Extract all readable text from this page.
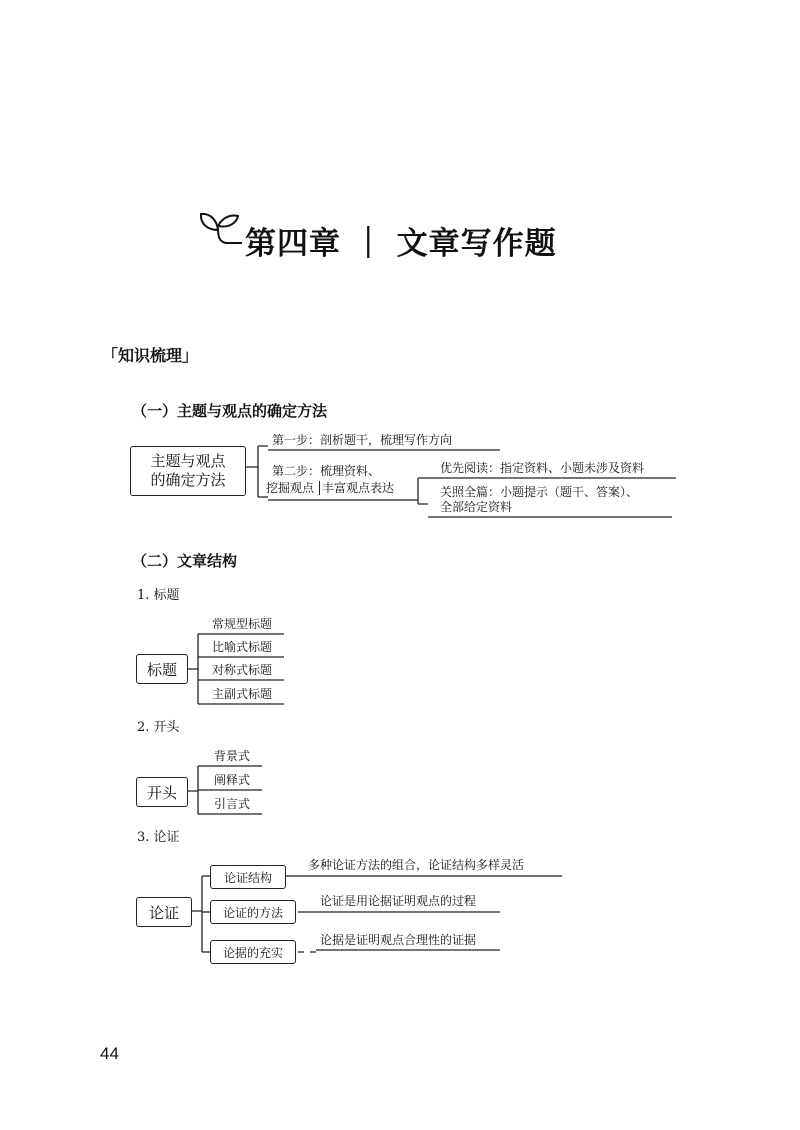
第四章 ｜ 文章写作题
「知识梳理」
（一）主题与观点的确定方法
主题与观点
的确定方法
第一步：剖析题干，梳理写作方向
第二步：梳理资料、
挖掘观点 丰富观点表达
优先阅读：指定资料、小题未涉及资料
关照全篇：小题提示（题干、答案）、
全部给定资料
（二）文章结构
1. 标题
标题
常规型标题
比喻式标题
对称式标题
主副式标题
2. 开头
开头
背景式
阐释式
引言式
3. 论证
论证
论证结构
论证的方法
论据的充实
多种论证方法的组合，论证结构多样灵活
论证是用论据证明观点的过程
论据是证明观点合理性的证据
44
